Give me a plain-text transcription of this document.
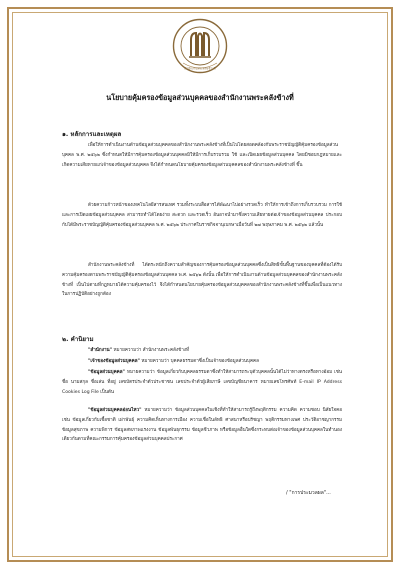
สำนักงานพระคลังข้างที่
นโยบายคุ้มครองข้อมูลส่วนบุคคลของสำนักงานพระคลังข้างที่
๑. หลักการและเหตุผล
เพื่อให้การดำเนินงานด้านข้อมูลส่วนบุคคลของสำนักงานพระคลังข้างที่เป็นไปโดยสอดคล้องกับพระราชบัญญัติคุ้มครองข้อมูลส่วนบุคคล พ.ศ. ๒๕๖๒ ซึ่งกำหนดให้มีการคุ้มครองข้อมูลส่วนบุคคลมิให้มีการเก็บรวบรวม ใช้ และเปิดเผยข้อมูลส่วนบุคคล โดยมิชอบกฎหมายและเกิดความเสียหายแก่เจ้าของข้อมูลส่วนบุคคล จึงได้กำหนดนโยบายคุ้มครองข้อมูลส่วนบุคคลของสำนักงานพระคลังข้างที่ ขึ้น
ด้วยความก้าวหน้าของเทคโนโลยีสารสนเทศ รวมทั้งระบบสื่อสารได้พัฒนาไปอย่างรวดเร็ว ทำให้การเข้าถึงการเก็บรวบรวม การใช้ และการเปิดเผยข้อมูลส่วนบุคคล สามารถทำได้โดยง่าย สะดวก และรวดเร็ว อันอาจนำมาซึ่งความเสียหายต่อเจ้าของข้อมูลส่วนบุคคล ประกอบกับได้มีพระราชบัญญัติคุ้มครองข้อมูลส่วนบุคคล พ.ศ. ๒๕๖๒ ประกาศในราชกิจจานุเบกษาเมื่อวันที่ ๒๗ พฤษภาคม พ.ศ. ๒๕๖๒ แล้วนั้น
สำนักงานพระคลังข้างที่ ได้ตระหนักถึงความสำคัญของการคุ้มครองข้อมูลส่วนบุคคลซึ่งเป็นสิทธิขั้นพื้นฐานของบุคคลที่ต้องได้รับความคุ้มครองตามพระราชบัญญัติคุ้มครองข้อมูลส่วนบุคคล พ.ศ. ๒๕๖๒ ดังนั้น เพื่อให้การดำเนินงานด้านข้อมูลส่วนบุคคลของสำนักงานพระคลังข้างที่ เป็นไปตามที่กฎหมายได้ความคุ้มครองไว้ จึงได้กำหนดนโยบายคุ้มครองข้อมูลส่วนบุคคลของสำนักงานพระคลังข้างที่ขึ้นเพื่อเป็นแนวทางในการปฏิบัติอย่างถูกต้อง
๒. คำนิยาม
"สำนักงาน" หมายความว่า สำนักงานพระคลังข้างที่
"เจ้าของข้อมูลส่วนบุคคล" หมายความว่า บุคคลธรรมดาซึ่งเป็นเจ้าของข้อมูลส่วนบุคคล
"ข้อมูลส่วนบุคคล" หมายความว่า ข้อมูลเกี่ยวกับบุคคลธรรมดาซึ่งทำให้สามารถระบุตัวบุคคลนั้นได้ไม่ว่าทางตรงหรือทางอ้อม เช่น ชื่อ นามสกุล ชื่อเล่น ที่อยู่ เลขบัตรประจำตัวประชาชน เลขประจำตัวผู้เสียภาษี เลขบัญชีธนาคาร หมายเลขโทรศัพท์ E-mail IP Address Cookies Log File เป็นต้น
"ข้อมูลส่วนบุคคลอ่อนไหว" หมายความว่า ข้อมูลส่วนบุคคลในเชิงที่ทำให้สามารถรู้ถึงพฤติกรรม ความคิด ความชอบ นิสัยใจคอ เช่น ข้อมูลเกี่ยวกับเชื้อชาติ เผ่าพันธุ์ ความคิดเห็นทางการเมือง ความเชื่อในลัทธิ ศาสนาหรือปรัชญา พฤติกรรมทางเพศ ประวัติอาชญากรรม ข้อมูลสุขภาพ ความพิการ ข้อมูลสหภาพแรงงาน ข้อมูลพันธุกรรม ข้อมูลชีวภาพ หรือข้อมูลอื่นใดซึ่งกระทบต่อเจ้าของข้อมูลส่วนบุคคลในทำนองเดียวกันตามที่คณะกรรมการคุ้มครองข้อมูลส่วนบุคคลประกาศ
/ "การประมวลผล"...
